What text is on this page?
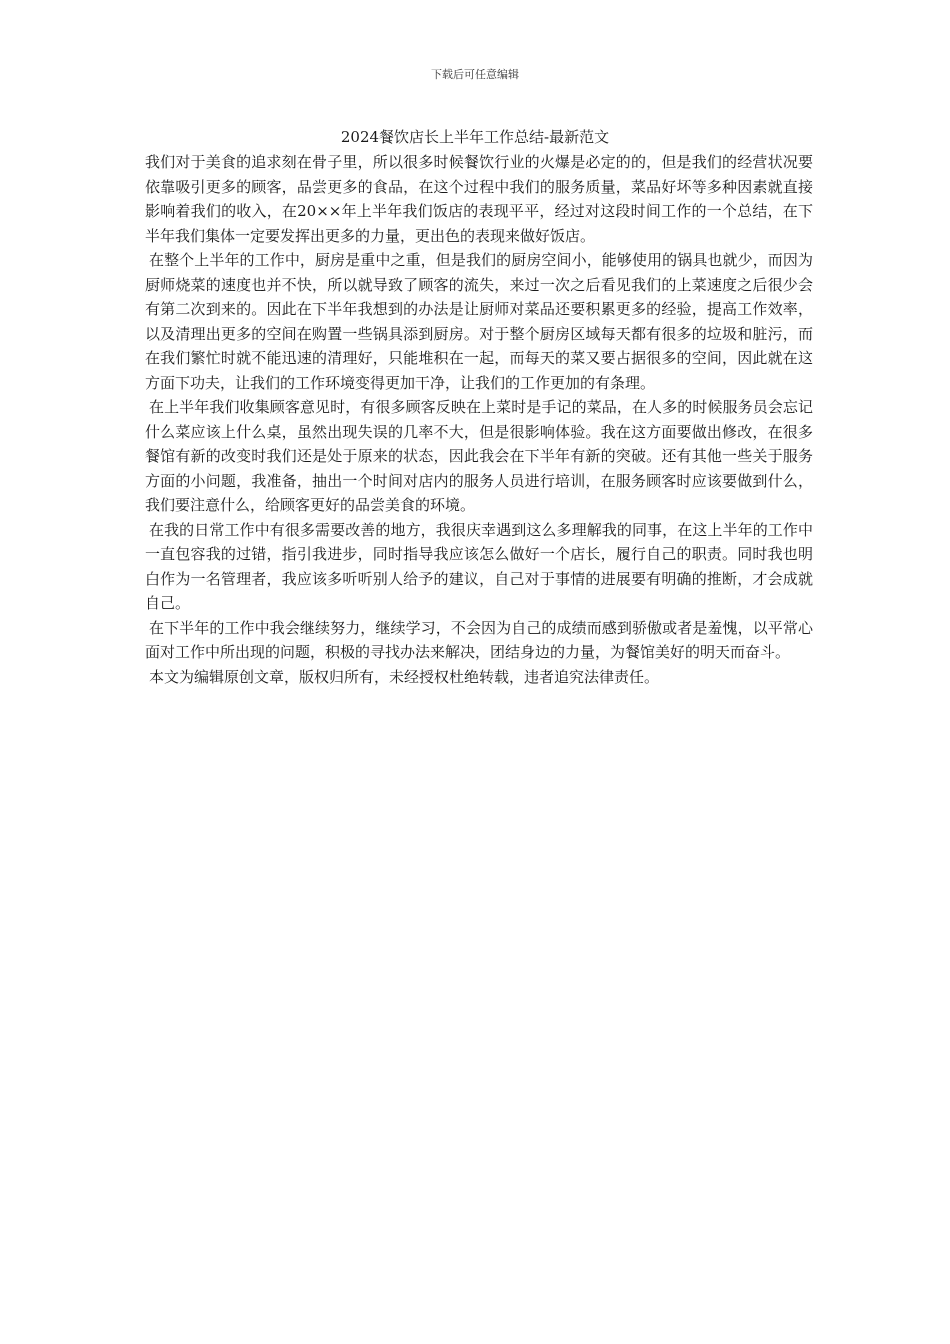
下载后可任意编辑
2024餐饮店长上半年工作总结-最新范文

我们对于美食的追求刻在骨子里，所以很多时候餐饮行业的火爆是必定的的，但是我们的经营状况要依靠吸引更多的顾客，品尝更多的食品，在这个过程中我们的服务质量，菜品好坏等多种因素就直接影响着我们的收入，在20××年上半年我们饭店的表现平平，经过对这段时间工作的一个总结，在下半年我们集体一定要发挥出更多的力量，更出色的表现来做好饭店。

在整个上半年的工作中，厨房是重中之重，但是我们的厨房空间小，能够使用的锅具也就少，而因为厨师烧菜的速度也并不快，所以就导致了顾客的流失，来过一次之后看见我们的上菜速度之后很少会有第二次到来的。因此在下半年我想到的办法是让厨师对菜品还要积累更多的经验，提高工作效率，以及清理出更多的空间在购置一些锅具添到厨房。对于整个厨房区域每天都有很多的垃圾和脏污，而在我们繁忙时就不能迅速的清理好，只能堆积在一起，而每天的菜又要占据很多的空间，因此就在这方面下功夫，让我们的工作环境变得更加干净，让我们的工作更加的有条理。

在上半年我们收集顾客意见时，有很多顾客反映在上菜时是手记的菜品，在人多的时候服务员会忘记什么菜应该上什么桌，虽然出现失误的几率不大，但是很影响体验。我在这方面要做出修改，在很多餐馆有新的改变时我们还是处于原来的状态，因此我会在下半年有新的突破。还有其他一些关于服务方面的小问题，我准备，抽出一个时间对店内的服务人员进行培训，在服务顾客时应该要做到什么，我们要注意什么，给顾客更好的品尝美食的环境。

在我的日常工作中有很多需要改善的地方，我很庆幸遇到这么多理解我的同事，在这上半年的工作中一直包容我的过错，指引我进步，同时指导我应该怎么做好一个店长，履行自己的职责。同时我也明白作为一名管理者，我应该多听听别人给予的建议，自己对于事情的进展要有明确的推断，才会成就自己。

在下半年的工作中我会继续努力，继续学习，不会因为自己的成绩而感到骄傲或者是羞愧，以平常心面对工作中所出现的问题，积极的寻找办法来解决，团结身边的力量，为餐馆美好的明天而奋斗。

本文为编辑原创文章，版权归所有，未经授权杜绝转载，违者追究法律责任。
